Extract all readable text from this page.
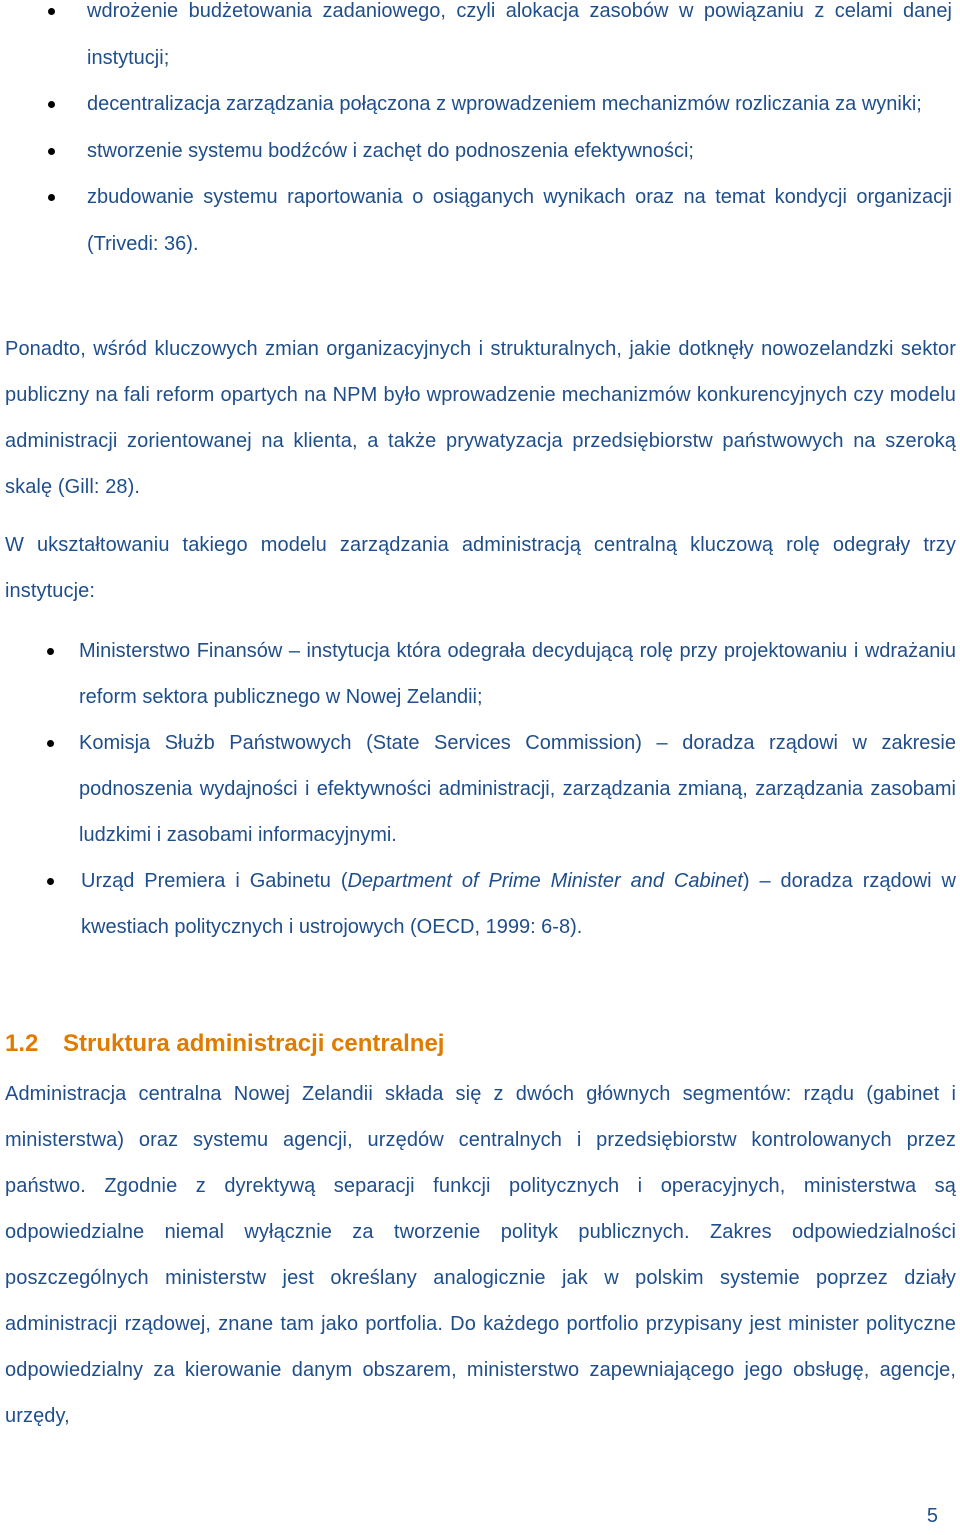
wdrożenie budżetowania zadaniowego, czyli alokacja zasobów w powiązaniu z celami danej instytucji;
decentralizacja zarządzania połączona z wprowadzeniem mechanizmów rozliczania za wyniki;
stworzenie systemu bodźców i zachęt do podnoszenia efektywności;
zbudowanie systemu raportowania o osiąganych wynikach oraz na temat kondycji organizacji (Trivedi: 36).

Ponadto, wśród kluczowych zmian organizacyjnych i strukturalnych, jakie dotknęły nowozelandzki sektor publiczny na fali reform opartych na NPM było wprowadzenie mechanizmów konkurencyjnych czy modelu administracji zorientowanej na klienta, a także prywatyzacja przedsiębiorstw państwowych na szeroką skalę (Gill: 28).

W ukształtowaniu takiego modelu zarządzania administracją centralną kluczową rolę odegrały trzy instytucje:

Ministerstwo Finansów – instytucja która odegrała decydującą rolę przy projektowaniu i wdrażaniu reform sektora publicznego w Nowej Zelandii;
Komisja Służb Państwowych (State Services Commission) – doradza rządowi w zakresie podnoszenia wydajności i efektywności administracji, zarządzania zmianą, zarządzania zasobami ludzkimi i zasobami informacyjnymi.
Urząd Premiera i Gabinetu (Department of Prime Minister and Cabinet) – doradza rządowi w kwestiach politycznych i ustrojowych (OECD, 1999: 6-8).
1.2 Struktura administracji centralnej

Administracja centralna Nowej Zelandii składa się z dwóch głównych segmentów: rządu (gabinet i ministerstwa) oraz systemu agencji, urzędów centralnych i przedsiębiorstw kontrolowanych przez państwo. Zgodnie z dyrektywą separacji funkcji politycznych i operacyjnych, ministerstwa są odpowiedzialne niemal wyłącznie za tworzenie polityk publicznych. Zakres odpowiedzialności poszczególnych ministerstw jest określany analogicznie jak w polskim systemie poprzez działy administracji rządowej, znane tam jako portfolia. Do każdego portfolio przypisany jest minister polityczne odpowiedzialny za kierowanie danym obszarem, ministerstwo zapewniającego jego obsługę, agencje, urzędy,

5
